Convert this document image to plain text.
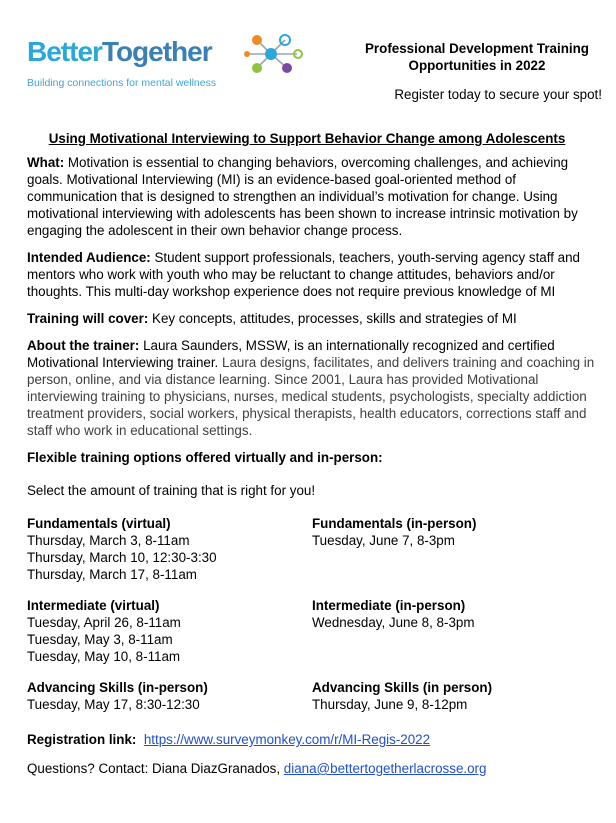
BetterTogether
Building connections for mental wellness
Professional Development Training
Opportunities in 2022
Register today to secure your spot!
Using Motivational Interviewing to Support Behavior Change among Adolescents

What: Motivation is essential to changing behaviors, overcoming challenges, and achieving goals. Motivational Interviewing (MI) is an evidence-based goal-oriented method of communication that is designed to strengthen an individual’s motivation for change. Using motivational interviewing with adolescents has been shown to increase intrinsic motivation by engaging the adolescent in their own behavior change process.

Intended Audience: Student support professionals, teachers, youth-serving agency staff and mentors who work with youth who may be reluctant to change attitudes, behaviors and/or thoughts. This multi-day workshop experience does not require previous knowledge of MI

Training will cover: Key concepts, attitudes, processes, skills and strategies of MI

About the trainer: Laura Saunders, MSSW, is an internationally recognized and certified Motivational Interviewing trainer. Laura designs, facilitates, and delivers training and coaching in person, online, and via distance learning. Since 2001, Laura has provided Motivational interviewing training to physicians, nurses, medical students, psychologists, specialty addiction treatment providers, social workers, physical therapists, health educators, corrections staff and staff who work in educational settings.

Flexible training options offered virtually and in-person:

Select the amount of training that is right for you!

Fundamentals (virtual)
Thursday, March 3, 8-11am
Thursday, March 10, 12:30-3:30
Thursday, March 17, 8-11am
Intermediate (virtual)
Tuesday, April 26, 8-11am
Tuesday, May 3, 8-11am
Tuesday, May 10, 8-11am
Advancing Skills (in-person)
Tuesday, May 17, 8:30-12:30
Fundamentals (in-person)
Tuesday, June 7, 8-3pm
Intermediate (in-person)
Wednesday, June 8, 8-3pm
Advancing Skills (in person)
Thursday, June 9, 8-12pm

Registration link: https://www.surveymonkey.com/r/MI-Regis-2022

Questions? Contact: Diana DiazGranados, diana@bettertogetherlacrosse.org
